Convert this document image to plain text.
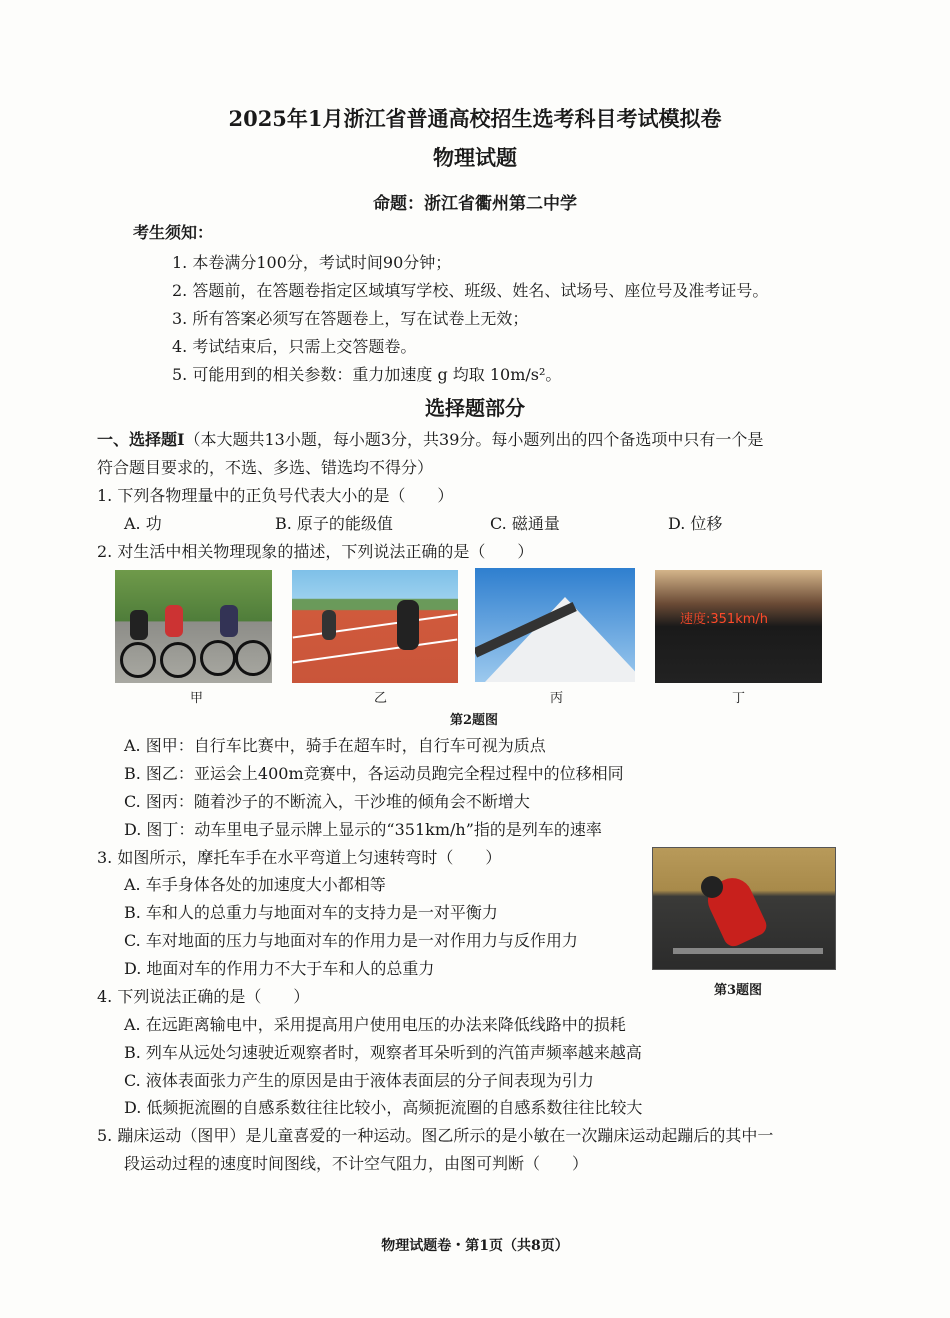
2025年1月浙江省普通高校招生选考科目考试模拟卷
物理试题
命题：浙江省衢州第二中学
考生须知：
1. 本卷满分100分，考试时间90分钟；
2. 答题前，在答题卷指定区域填写学校、班级、姓名、试场号、座位号及准考证号。
3. 所有答案必须写在答题卷上，写在试卷上无效；
4. 考试结束后，只需上交答题卷。
5. 可能用到的相关参数：重力加速度 g 均取 10m/s²。
选择题部分
一、选择题Ⅰ（本大题共13小题，每小题3分，共39分。每小题列出的四个备选项中只有一个是
符合题目要求的，不选、多选、错选均不得分）
1. 下列各物理量中的正负号代表大小的是（　　）
A. 功	B. 原子的能级值	C. 磁通量	D. 位移
2. 对生活中相关物理现象的描述，下列说法正确的是（　　）
速度:351km/h
甲	乙	丙	丁
第2题图
A. 图甲：自行车比赛中，骑手在超车时，自行车可视为质点
B. 图乙：亚运会上400m竞赛中，各运动员跑完全程过程中的位移相同
C. 图丙：随着沙子的不断流入，干沙堆的倾角会不断增大
D. 图丁：动车里电子显示牌上显示的“351km/h”指的是列车的速率
3. 如图所示，摩托车手在水平弯道上匀速转弯时（　　）
A. 车手身体各处的加速度大小都相等
B. 车和人的总重力与地面对车的支持力是一对平衡力
C. 车对地面的压力与地面对车的作用力是一对作用力与反作用力
D. 地面对车的作用力不大于车和人的总重力
第3题图
4. 下列说法正确的是（　　）
A. 在远距离输电中，采用提高用户使用电压的办法来降低线路中的损耗
B. 列车从远处匀速驶近观察者时，观察者耳朵听到的汽笛声频率越来越高
C. 液体表面张力产生的原因是由于液体表面层的分子间表现为引力
D. 低频扼流圈的自感系数往往比较小，高频扼流圈的自感系数往往比较大
5. 蹦床运动（图甲）是儿童喜爱的一种运动。图乙所示的是小敏在一次蹦床运动起蹦后的其中一
段运动过程的速度时间图线，不计空气阻力，由图可判断（　　）
物理试题卷・第1页（共8页）
